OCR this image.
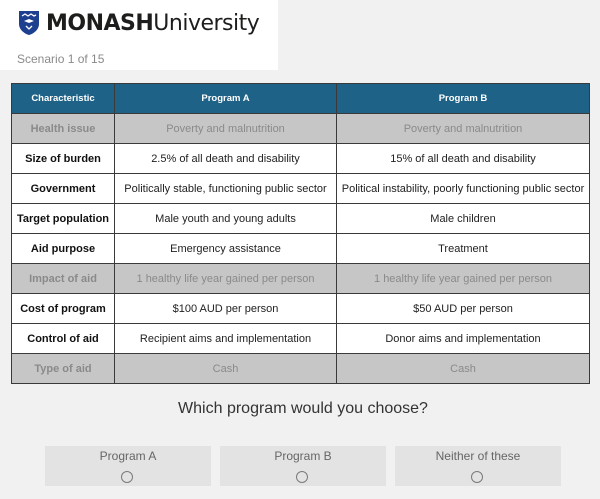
MONASHUniversity
Scenario 1 of 15
Characteristic	Program A	Program B
Health issue	Poverty and malnutrition	Poverty and malnutrition
Size of burden	2.5% of all death and disability	15% of all death and disability
Government	Politically stable, functioning public sector	Political instability, poorly functioning public sector
Target population	Male youth and young adults	Male children
Aid purpose	Emergency assistance	Treatment
Impact of aid	1 healthy life year gained per person	1 healthy life year gained per person
Cost of program	$100 AUD per person	$50 AUD per person
Control of aid	Recipient aims and implementation	Donor aims and implementation
Type of aid	Cash	Cash
Which program would you choose?
Program A	Program B	Neither of these
